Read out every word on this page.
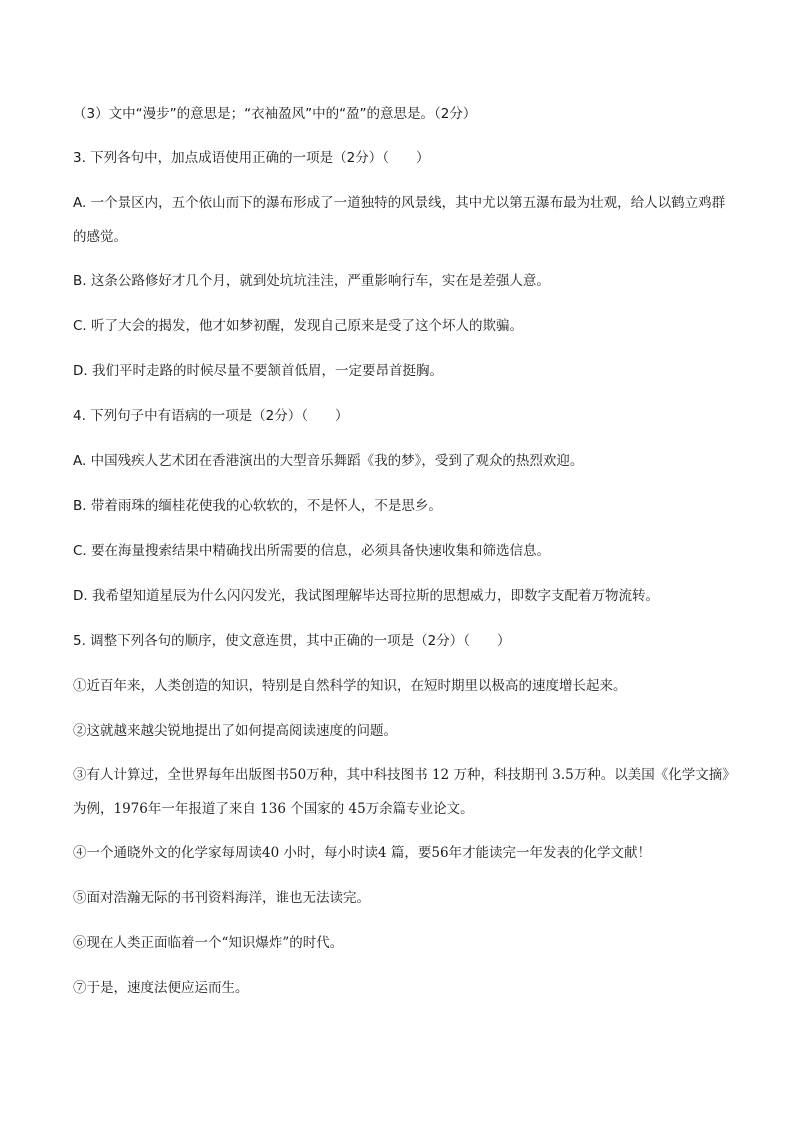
（3）文中“漫步”的意思是；“衣袖盈风”中的“盈”的意思是。（2分）
3. 下列各句中，加点成语使用正确的一项是（2分）（　　）
A. 一个景区内，五个依山而下的瀑布形成了一道独特的风景线，其中尤以第五瀑布最为壮观，给人以鹤立鸡群的感觉。
B. 这条公路修好才几个月，就到处坑坑洼洼，严重影响行车，实在是差强人意。
C. 听了大会的揭发，他才如梦初醒，发现自己原来是受了这个坏人的欺骗。
D. 我们平时走路的时候尽量不要颔首低眉，一定要昂首挺胸。
4. 下列句子中有语病的一项是（2分）（　　）
A. 中国残疾人艺术团在香港演出的大型音乐舞蹈《我的梦》，受到了观众的热烈欢迎。
B. 带着雨珠的缅桂花使我的心软软的，不是怀人，不是思乡。
C. 要在海量搜索结果中精确找出所需要的信息，必须具备快速收集和筛选信息。
D. 我希望知道星辰为什么闪闪发光，我试图理解毕达哥拉斯的思想威力，即数字支配着万物流转。
5. 调整下列各句的顺序，使文意连贯，其中正确的一项是（2分）（　　）
①近百年来，人类创造的知识，特别是自然科学的知识，在短时期里以极高的速度增长起来。
②这就越来越尖锐地提出了如何提高阅读速度的问题。
③有人计算过，全世界每年出版图书50万种，其中科技图书 12 万种，科技期刊 3.5万种。以美国《化学文摘》为例，1976年一年报道了来自 136 个国家的 45万余篇专业论文。
④一个通晓外文的化学家每周读40 小时，每小时读4 篇，要56年才能读完一年发表的化学文献！
⑤面对浩瀚无际的书刊资料海洋，谁也无法读完。
⑥现在人类正面临着一个“知识爆炸”的时代。
⑦于是，速度法便应运而生。
